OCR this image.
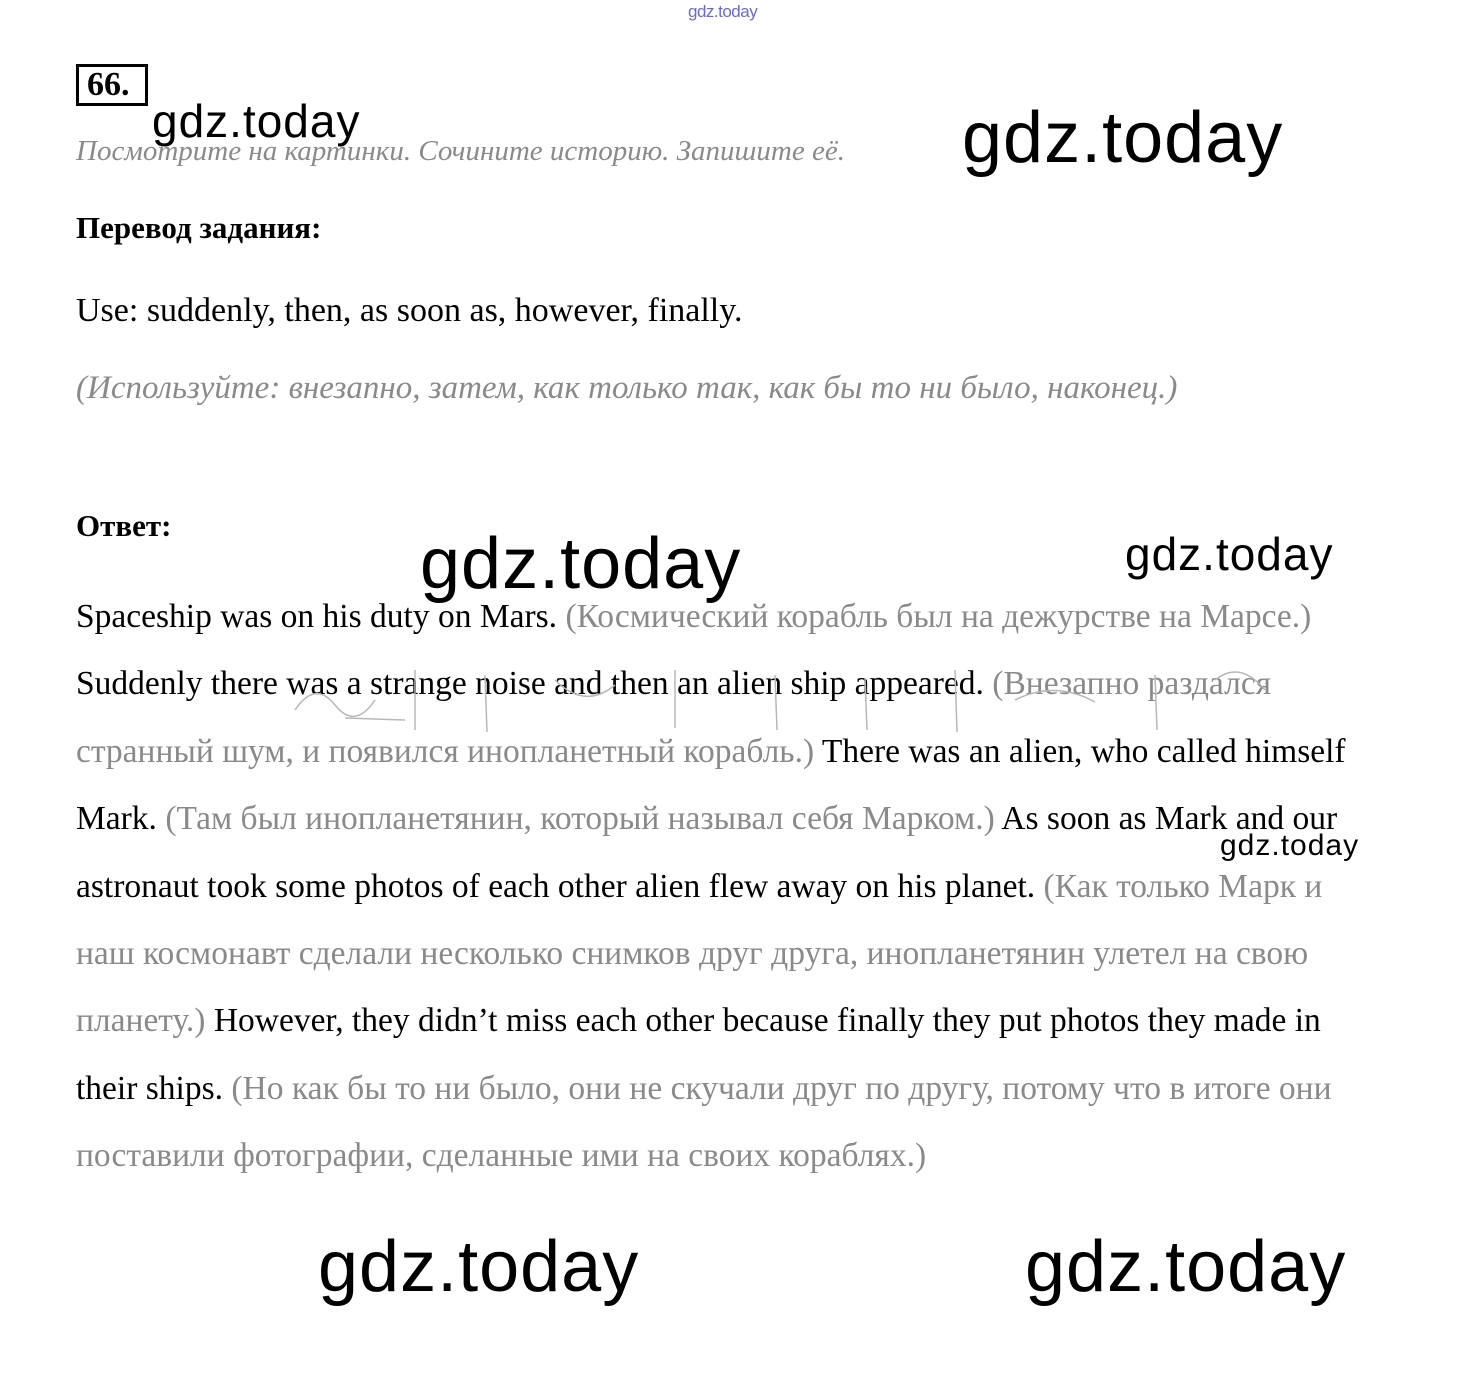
gdz.today
66.
Посмотрите на картинки. Сочините историю. Запишите её.
Перевод задания:
Use: suddenly, then, as soon as, however, finally.
(Используйте: внезапно, затем, как только так, как бы то ни было, наконец.)
Ответ:

Spaceship was on his duty on Mars. (Космический корабль был на дежурстве на Марсе.) Suddenly there was a strange noise and then an alien ship appeared. (Внезапно раздался странный шум, и появился инопланетный корабль.) There was an alien, who called himself Mark. (Там был инопланетянин, который называл себя Марком.) As soon as Mark and our astronaut took some photos of each other alien flew away on his planet. (Как только Марк и наш космонавт сделали несколько снимков друг друга, инопланетянин улетел на свою планету.) However, they didn’t miss each other because finally they put photos they made in their ships. (Но как бы то ни было, они не скучали друг по другу, потому что в итоге они поставили фотографии, сделанные ими на своих кораблях.)

gdz.today	gdz.today
gdz.today	gdz.today
gdz.today
gdz.today	gdz.today
